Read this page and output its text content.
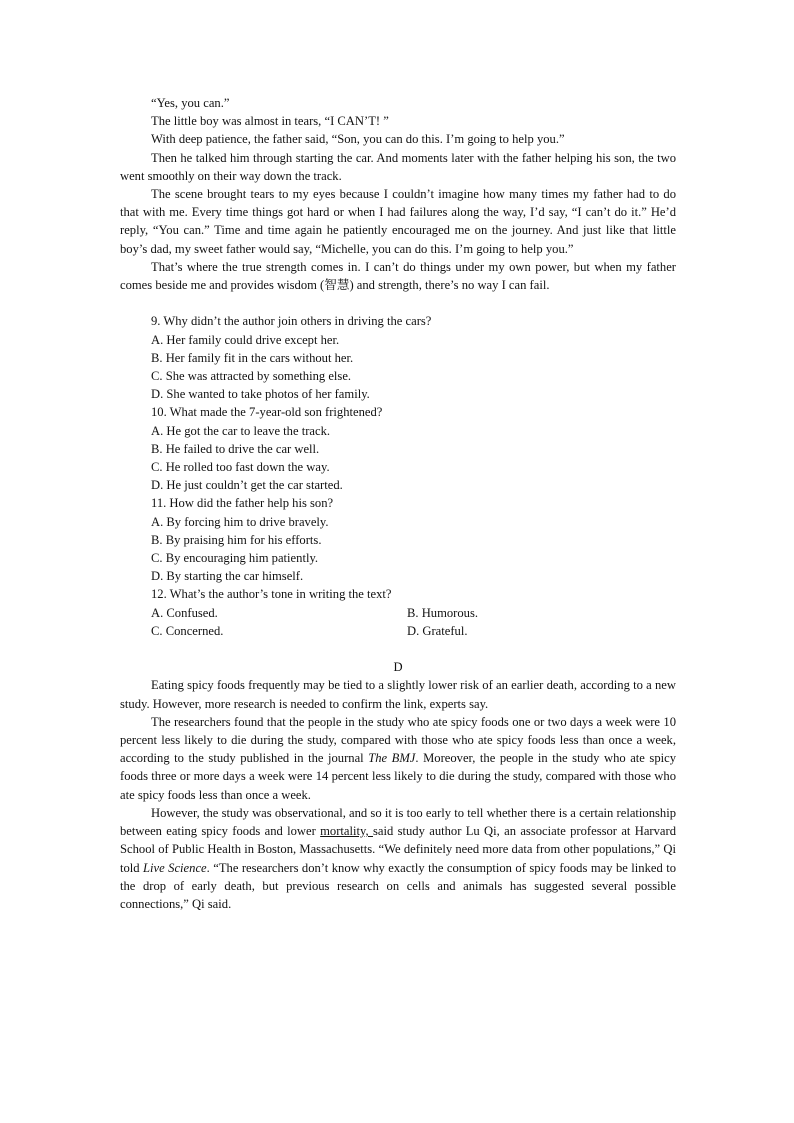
“Yes, you can.”

The little boy was almost in tears, “I CAN’T! ”

With deep patience, the father said, “Son, you can do this. I’m going to help you.”

Then he talked him through starting the car. And moments later with the father helping his son, the two went smoothly on their way down the track.

The scene brought tears to my eyes because I couldn’t imagine how many times my father had to do that with me. Every time things got hard or when I had failures along the way, I’d say, “I can’t do it.” He’d reply, “You can.” Time and time again he patiently encouraged me on the journey. And just like that little boy’s dad, my sweet father would say, “Michelle, you can do this. I’m going to help you.”

That’s where the true strength comes in. I can’t do things under my own power, but when my father comes beside me and provides wisdom (智慧) and strength, there’s no way I can fail.

9. Why didn’t the author join others in driving the cars?

A. Her family could drive except her.

B. Her family fit in the cars without her.

C. She was attracted by something else.

D. She wanted to take photos of her family.

10. What made the 7-year-old son frightened?

A. He got the car to leave the track.

B. He failed to drive the car well.

C. He rolled too fast down the way.

D. He just couldn’t get the car started.

11. How did the father help his son?

A. By forcing him to drive bravely.

B. By praising him for his efforts.

C. By encouraging him patiently.

D. By starting the car himself.

12. What’s the author’s tone in writing the text?

A. Confused.	B. Humorous.
C. Concerned.	D. Grateful.

D

Eating spicy foods frequently may be tied to a slightly lower risk of an earlier death, according to a new study. However, more research is needed to confirm the link, experts say.

The researchers found that the people in the study who ate spicy foods one or two days a week were 10 percent less likely to die during the study, compared with those who ate spicy foods less than once a week, according to the study published in the journal The BMJ. Moreover, the people in the study who ate spicy foods three or more days a week were 14 percent less likely to die during the study, compared with those who ate spicy foods less than once a week.

However, the study was observational, and so it is too early to tell whether there is a certain relationship between eating spicy foods and lower mortality, said study author Lu Qi, an associate professor at Harvard School of Public Health in Boston, Massachusetts. “We definitely need more data from other populations,” Qi told Live Science. “The researchers don’t know why exactly the consumption of spicy foods may be linked to the drop of early death, but previous research on cells and animals has suggested several possible connections,” Qi said.
